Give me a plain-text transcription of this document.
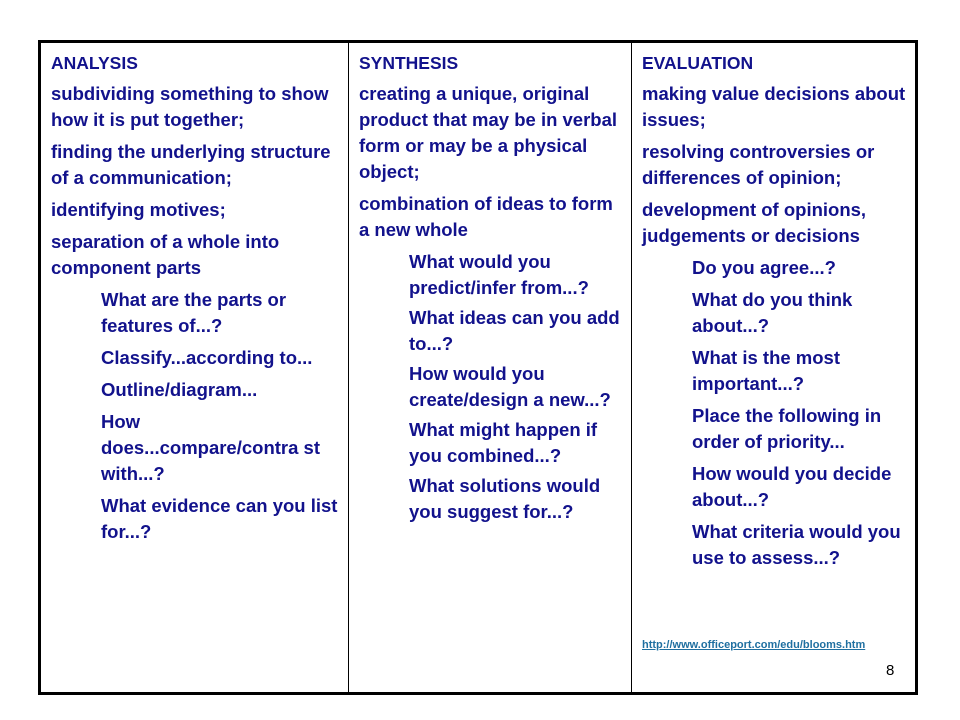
ANALYSIS
subdividing something to show how it is put together;
finding the underlying structure of a communication;
identifying motives;
separation of a whole into component parts
What are the parts or features of...?
Classify...according to...
Outline/diagram...
How does...compare/contra st with...?
What evidence can you list for...?
SYNTHESIS
creating a unique, original product that may be in verbal form or may be a physical object;
combination of ideas to form a new whole
What would you predict/infer from...?
What ideas can you add to...?
How would you create/design a new...?
What might happen if you combined...?
What solutions would you suggest for...?
EVALUATION
making value decisions about issues;
resolving controversies or differences of opinion;
development of opinions, judgements or decisions
Do you agree...?
What do you think about...?
What is the most important...?
Place the following in order of priority...
How would you decide about...?
What criteria would you use to assess...?
http://www.officeport.com/edu/blooms.htm
8
